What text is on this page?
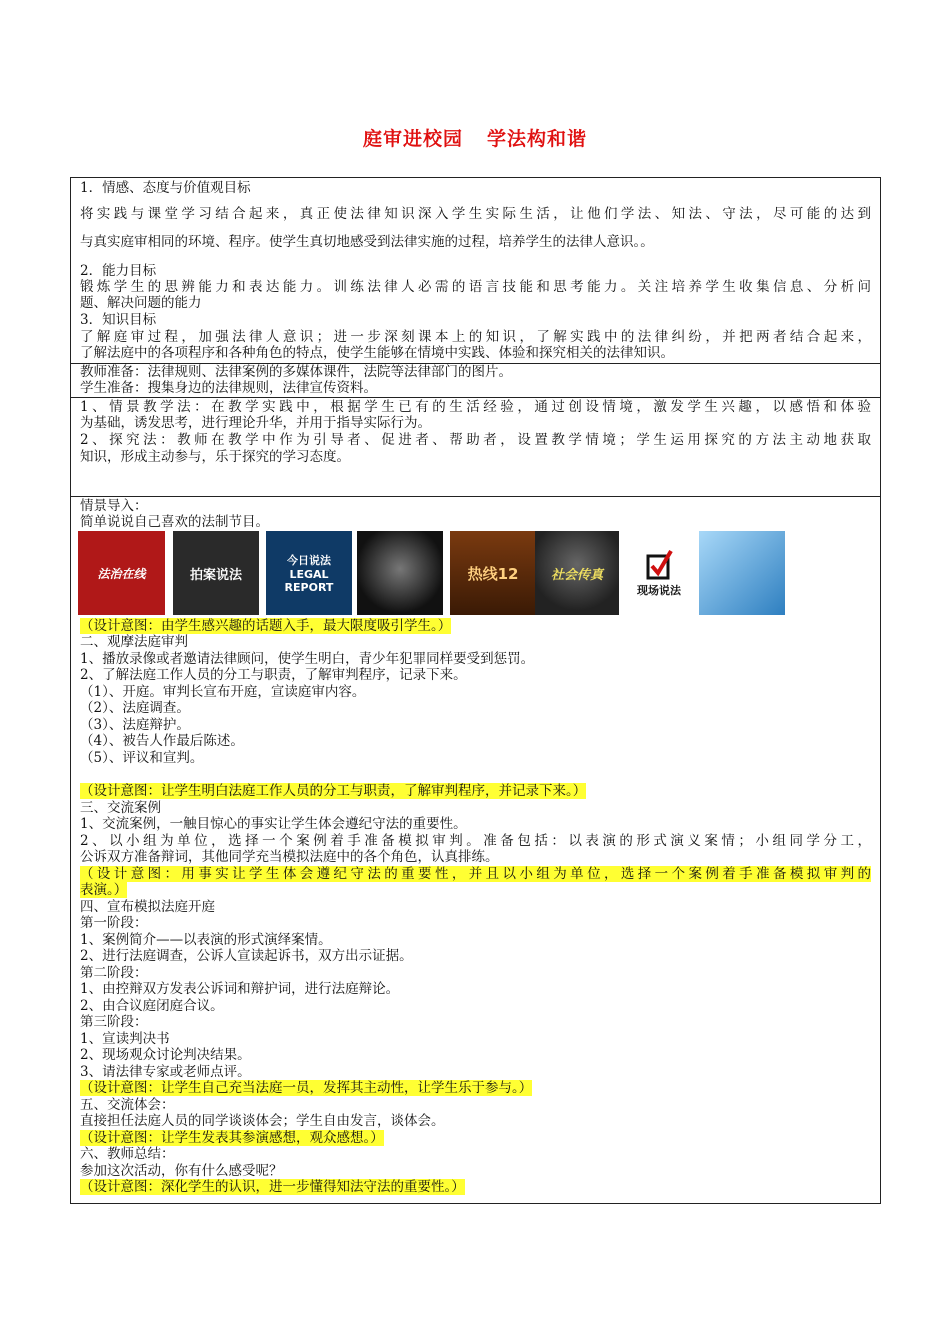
庭审进校园 学法构和谐
1．情感、态度与价值观目标
将实践与课堂学习结合起来，真正使法律知识深入学生实际生活，让他们学法、知法、守法，尽可能的达到
与真实庭审相同的环境、程序。使学生真切地感受到法律实施的过程，培养学生的法律人意识。。
2．能力目标
锻炼学生的思辨能力和表达能力。训练法律人必需的语言技能和思考能力。关注培养学生收集信息、分析问
题、解决问题的能力
3．知识目标
了解庭审过程，加强法律人意识；进一步深刻课本上的知识，了解实践中的法律纠纷，并把两者结合起来，
了解法庭中的各项程序和各种角色的特点，使学生能够在情境中实践、体验和探究相关的法律知识。
教师准备：法律规则、法律案例的多媒体课件，法院等法律部门的图片。
学生准备：搜集身边的法律规则，法律宣传资料。
1、情景教学法：在教学实践中，根据学生已有的生活经验，通过创设情境，激发学生兴趣，以感悟和体验
为基础，诱发思考，进行理论升华，并用于指导实际行为。
2、探究法：教师在教学中作为引导者、促进者、帮助者，设置教学情境；学生运用探究的方法主动地获取
知识，形成主动参与，乐于探究的学习态度。
情景导入：
简单说说自己喜欢的法制节目。
法治在线	拍案说法
今日说法 LEGAL REPORT
热线12	社会传真
现场说法
（设计意图：由学生感兴趣的话题入手，最大限度吸引学生。）
二、观摩法庭审判
1、播放录像或者邀请法律顾问，使学生明白，青少年犯罪同样要受到惩罚。
2、了解法庭工作人员的分工与职责，了解审判程序，记录下来。
（1）、开庭。审判长宣布开庭，宣读庭审内容。
（2）、法庭调查。
（3）、法庭辩护。
（4）、被告人作最后陈述。
（5）、评议和宣判。
（设计意图：让学生明白法庭工作人员的分工与职责，了解审判程序，并记录下来。）
三、交流案例
1、交流案例，一触目惊心的事实让学生体会遵纪守法的重要性。
2、以小组为单位，选择一个案例着手准备模拟审判。准备包括：以表演的形式演义案情；小组同学分工，
公诉双方准备辩词，其他同学充当模拟法庭中的各个角色，认真排练。
（设计意图：用事实让学生体会遵纪守法的重要性，并且以小组为单位，选择一个案例着手准备模拟审判的
表演。）
四、宣布模拟法庭开庭
第一阶段：
1、案例简介——以表演的形式演绎案情。
2、进行法庭调查，公诉人宣读起诉书，双方出示证据。
第二阶段：
1、由控辩双方发表公诉词和辩护词，进行法庭辩论。
2、由合议庭闭庭合议。
第三阶段：
1、宣读判决书
2、现场观众讨论判决结果。
3、请法律专家或老师点评。
（设计意图：让学生自己充当法庭一员，发挥其主动性，让学生乐于参与。）
五、交流体会：
直接担任法庭人员的同学谈谈体会；学生自由发言，谈体会。
（设计意图：让学生发表其参演感想，观众感想。）
六、教师总结：
参加这次活动，你有什么感受呢？
（设计意图：深化学生的认识，进一步懂得知法守法的重要性。）
